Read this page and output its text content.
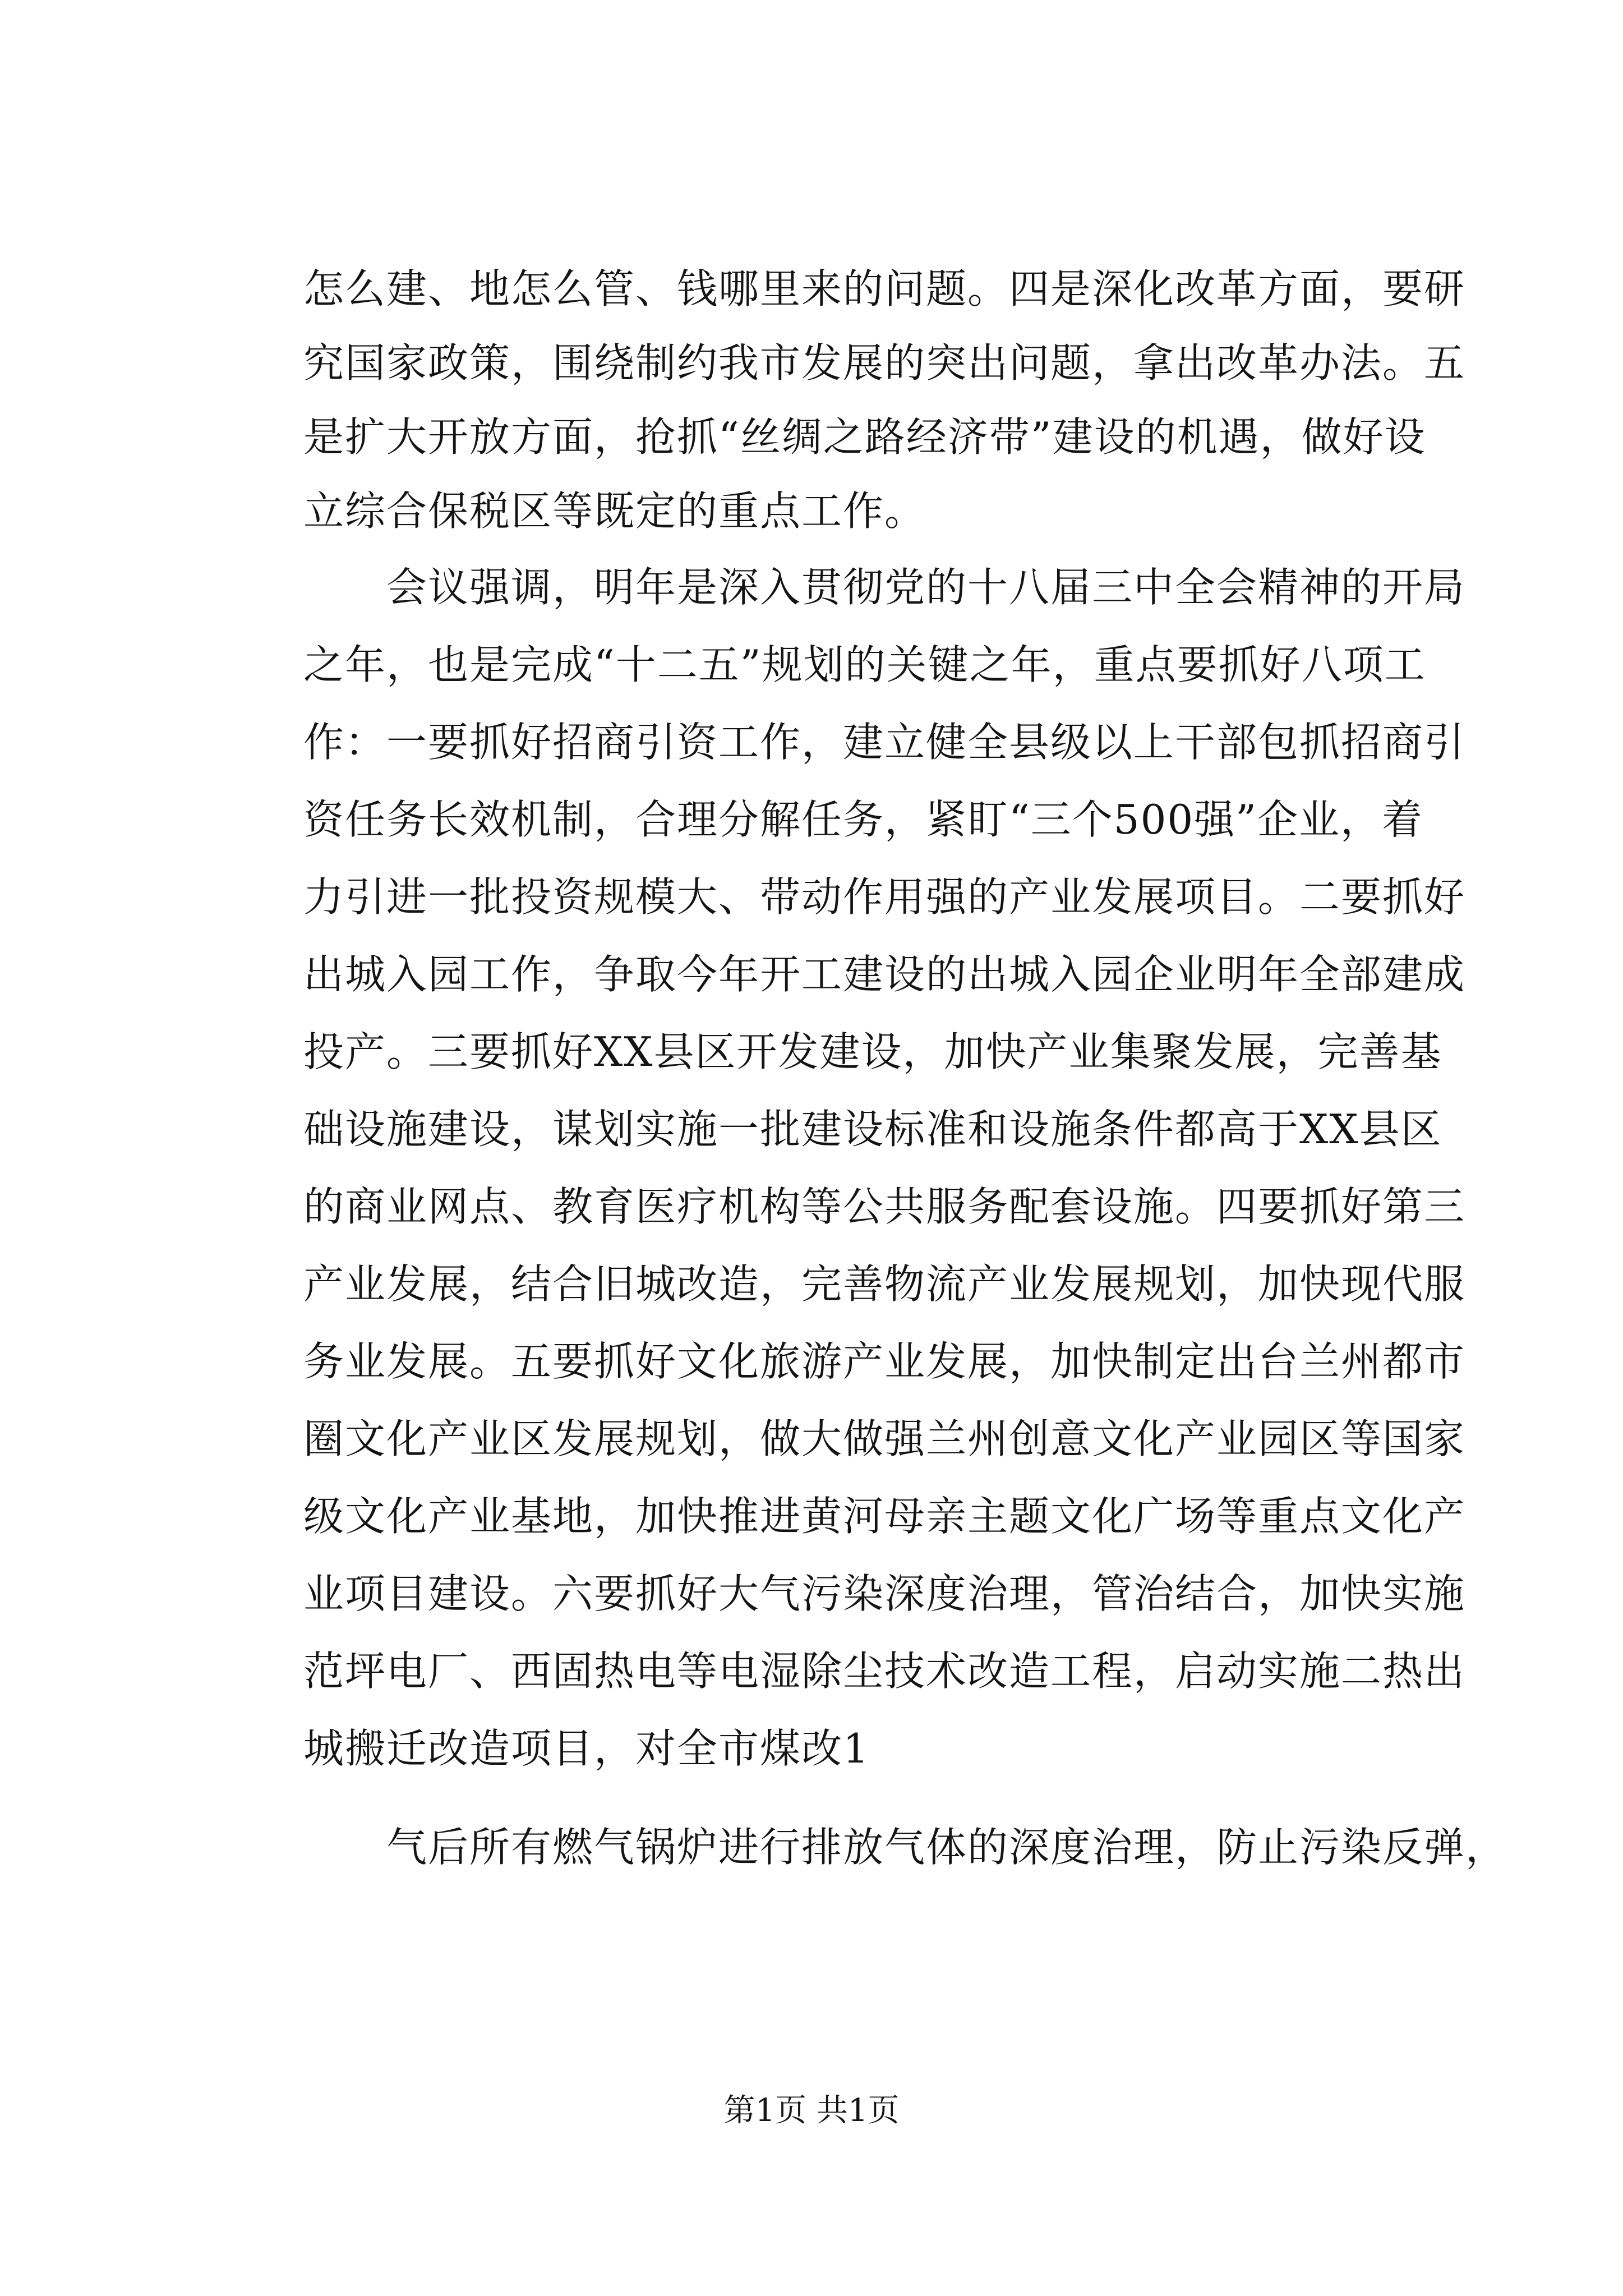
怎么建、地怎么管、钱哪里来的问题。四是深化改革方面，要研
究国家政策，围绕制约我市发展的突出问题，拿出改革办法。五
是扩大开放方面，抢抓“丝绸之路经济带”建设的机遇，做好设
立综合保税区等既定的重点工作。
　　会议强调，明年是深入贯彻党的十八届三中全会精神的开局
之年，也是完成“十二五”规划的关键之年，重点要抓好八项工
作：一要抓好招商引资工作，建立健全县级以上干部包抓招商引
资任务长效机制，合理分解任务，紧盯“三个500强”企业，着
力引进一批投资规模大、带动作用强的产业发展项目。二要抓好
出城入园工作，争取今年开工建设的出城入园企业明年全部建成
投产。三要抓好XX县区开发建设，加快产业集聚发展，完善基
础设施建设，谋划实施一批建设标准和设施条件都高于XX县区
的商业网点、教育医疗机构等公共服务配套设施。四要抓好第三
产业发展，结合旧城改造，完善物流产业发展规划，加快现代服
务业发展。五要抓好文化旅游产业发展，加快制定出台兰州都市
圈文化产业区发展规划，做大做强兰州创意文化产业园区等国家
级文化产业基地，加快推进黄河母亲主题文化广场等重点文化产
业项目建设。六要抓好大气污染深度治理，管治结合，加快实施
范坪电厂、西固热电等电湿除尘技术改造工程，启动实施二热出
城搬迁改造项目，对全市煤改1
　　气后所有燃气锅炉进行排放气体的深度治理，防止污染反弹，
第1页 共1页
